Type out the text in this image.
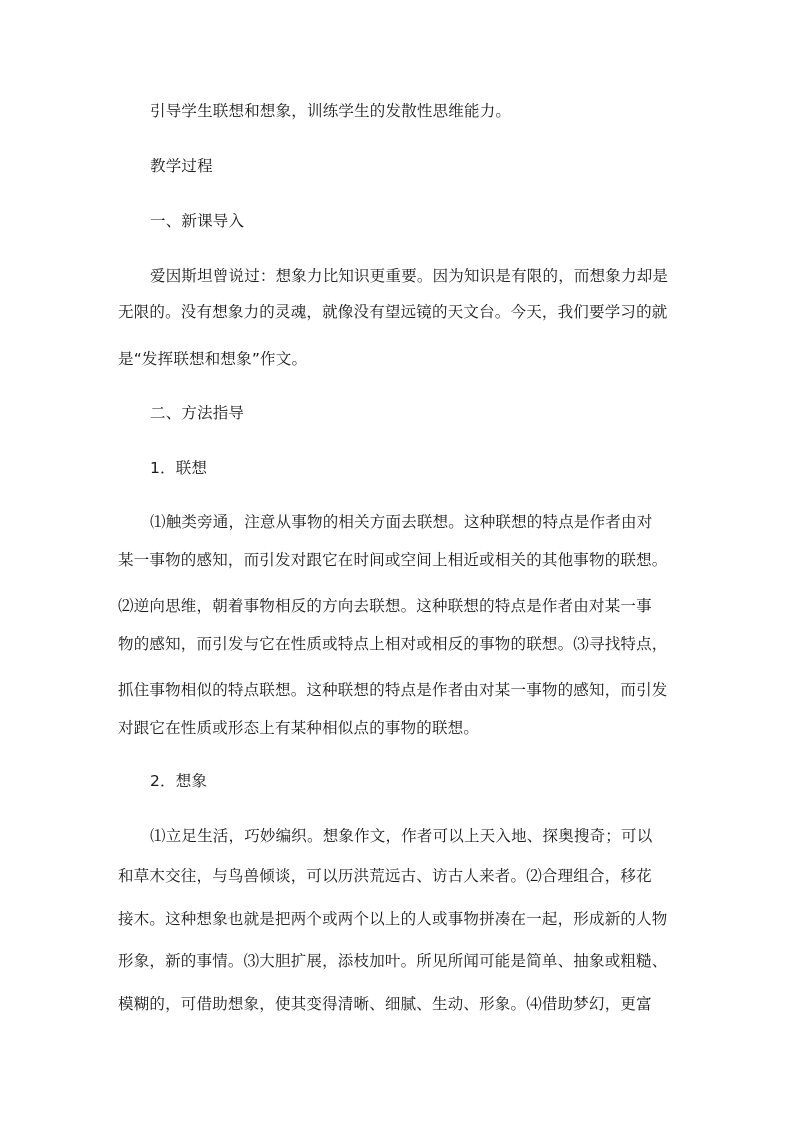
引导学生联想和想象，训练学生的发散性思维能力。
教学过程
一、新课导入
爱因斯坦曾说过：想象力比知识更重要。因为知识是有限的，而想象力却是
无限的。没有想象力的灵魂，就像没有望远镜的天文台。今天，我们要学习的就
是“发挥联想和想象”作文。
二、方法指导
1．联想
⑴触类旁通，注意从事物的相关方面去联想。这种联想的特点是作者由对
某一事物的感知，而引发对跟它在时间或空间上相近或相关的其他事物的联想。
⑵逆向思维，朝着事物相反的方向去联想。这种联想的特点是作者由对某一事
物的感知，而引发与它在性质或特点上相对或相反的事物的联想。⑶寻找特点，
抓住事物相似的特点联想。这种联想的特点是作者由对某一事物的感知，而引发
对跟它在性质或形态上有某种相似点的事物的联想。
2．想象
⑴立足生活，巧妙编织。想象作文，作者可以上天入地、探奥搜奇；可以
和草木交往，与鸟兽倾谈，可以历洪荒远古、访古人来者。⑵合理组合，移花
接木。这种想象也就是把两个或两个以上的人或事物拼凑在一起，形成新的人物
形象，新的事情。⑶大胆扩展，添枝加叶。所见所闻可能是简单、抽象或粗糙、
模糊的，可借助想象，使其变得清晰、细腻、生动、形象。⑷借助梦幻，更富
